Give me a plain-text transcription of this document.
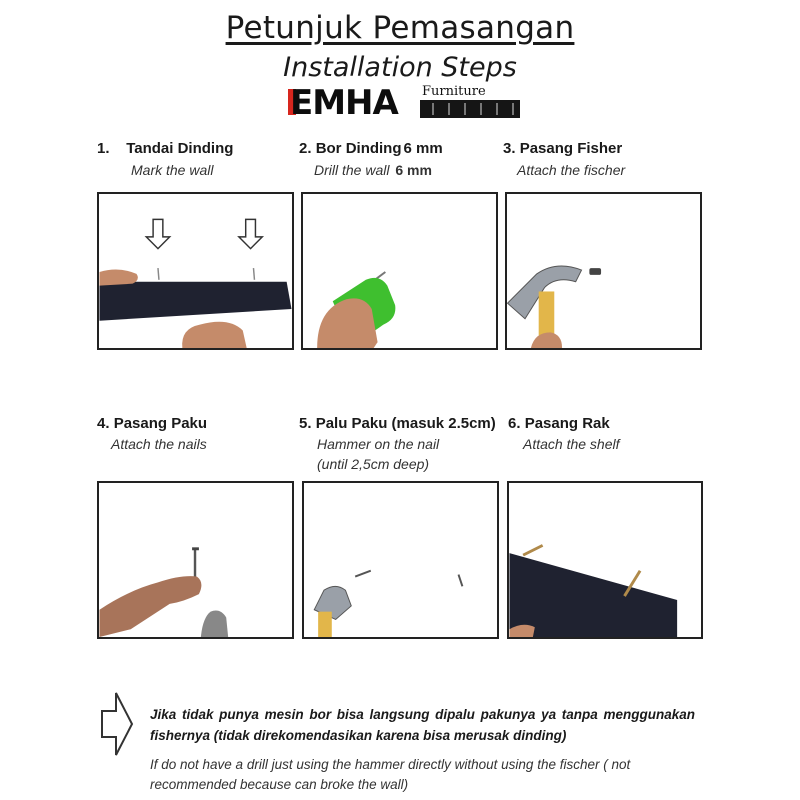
Petunjuk Pemasangan
Installation Steps
EMHA Furniture
1. Tandai Dinding
Mark the wall
2. Bor Dinding 6 mm
Drill the wall 6 mm
3. Pasang Fisher
Attach the fischer
4. Pasang Paku
Attach the nails
5. Palu Paku (masuk 2.5cm)
Hammer on the nail
(until 2,5cm deep)
6. Pasang Rak
Attach the shelf
Jika tidak punya mesin bor bisa langsung dipalu pakunya ya tanpa menggunakan fishernya (tidak direkomendasikan karena bisa merusak dinding)
If do not have a drill just using the hammer directly without using the fischer ( not recommended because can broke the wall)
